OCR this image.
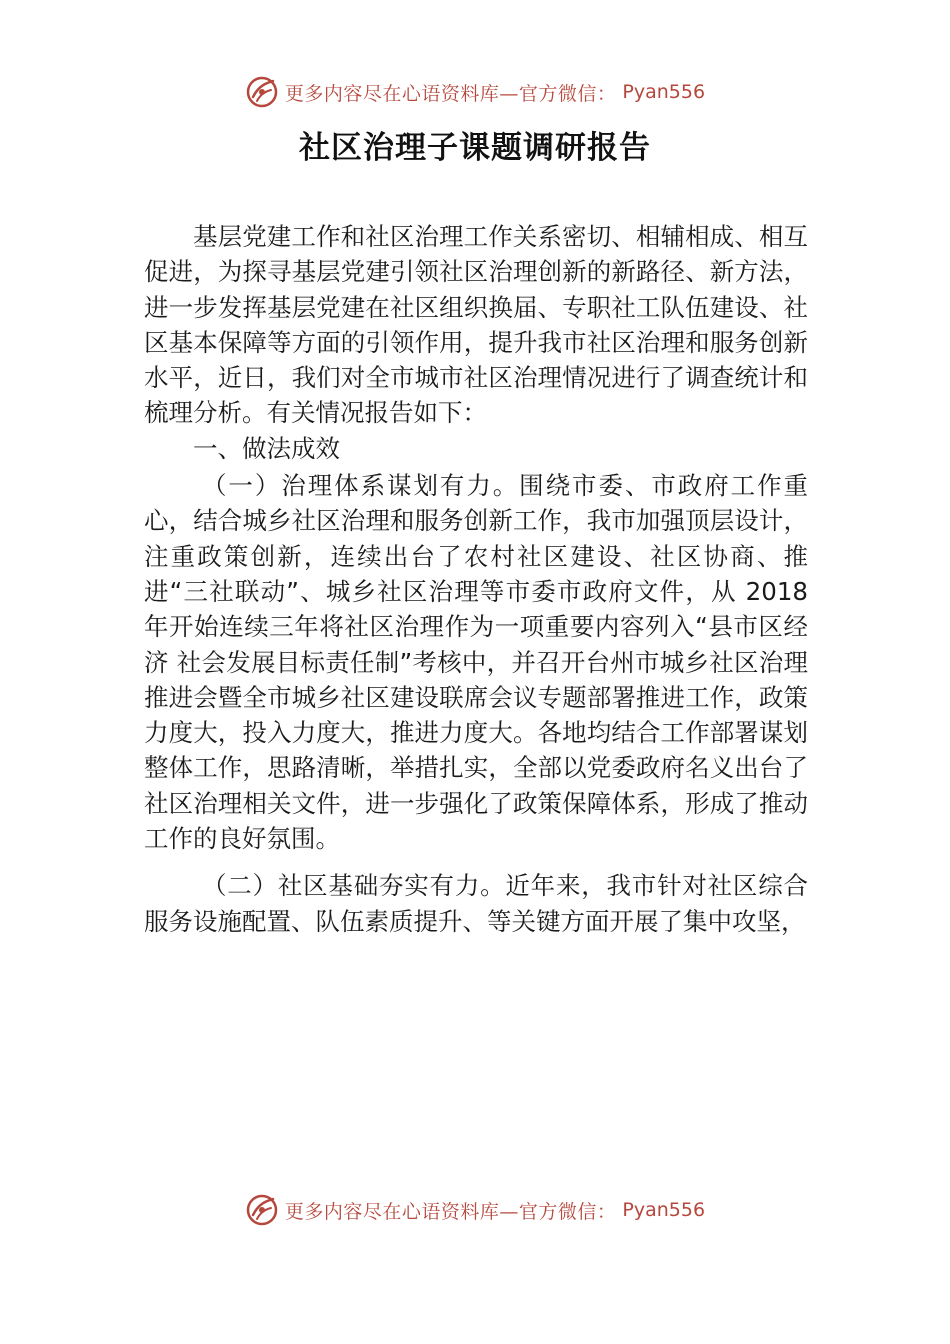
更多内容尽在心语资料库—官方微信： Pyan556
社区治理子课题调研报告

基层党建工作和社区治理工作关系密切、相辅相成、相互促进，为探寻基层党建引领社区治理创新的新路径、新方法，进一步发挥基层党建在社区组织换届、专职社工队伍建设、社区基本保障等方面的引领作用，提升我市社区治理和服务创新水平，近日，我们对全市城市社区治理情况进行了调查统计和梳理分析。有关情况报告如下：

一、做法成效

（一）治理体系谋划有力。围绕市委、市政府工作重心，结合城乡社区治理和服务创新工作，我市加强顶层设计，注重政策创新，连续出台了农村社区建设、社区协商、推进“三社联动”、城乡社区治理等市委市政府文件，从 2018 年开始连续三年将社区治理作为一项重要内容列入“县市区经济 社会发展目标责任制”考核中，并召开台州市城乡社区治理推进会暨全市城乡社区建设联席会议专题部署推进工作，政策力度大，投入力度大，推进力度大。各地均结合工作部署谋划整体工作，思路清晰，举措扎实，全部以党委政府名义出台了社区治理相关文件，进一步强化了政策保障体系，形成了推动工作的良好氛围。

（二）社区基础夯实有力。近年来，我市针对社区综合服务设施配置、队伍素质提升、等关键方面开展了集中攻坚，

更多内容尽在心语资料库—官方微信： Pyan556
